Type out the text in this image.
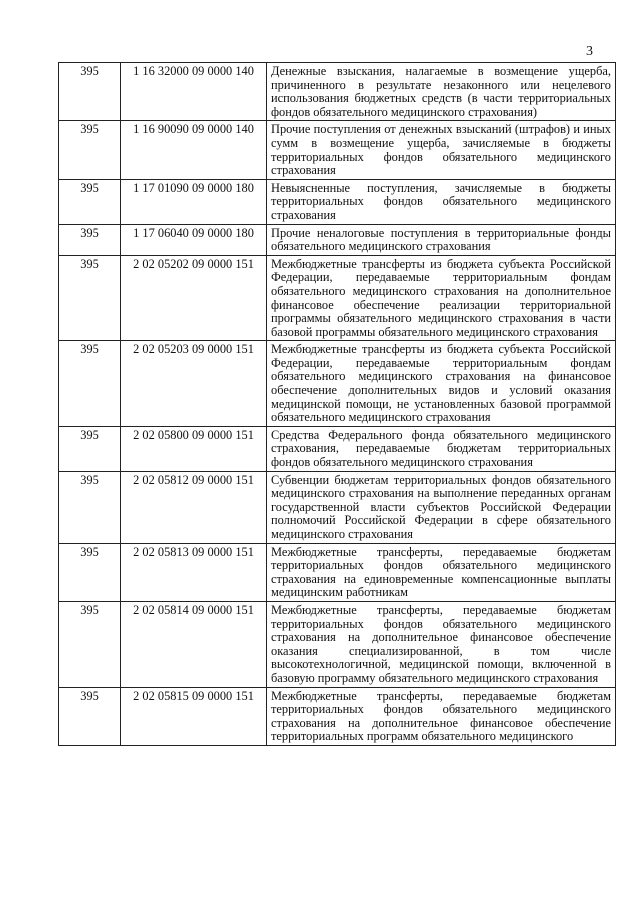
3
395	1 16 32000 09 0000 140	Денежные взыскания, налагаемые в возмещение ущерба, причиненного в результате незаконного или нецелевого использования бюджетных средств (в части территориальных фондов обязательного медицинского страхования)
395	1 16 90090 09 0000 140	Прочие поступления от денежных взысканий (штрафов) и иных сумм в возмещение ущерба, зачисляемые в бюджеты территориальных фондов обязательного медицинского страхования
395	1 17 01090 09 0000 180	Невыясненные поступления, зачисляемые в бюджеты территориальных фондов обязательного медицинского страхования
395	1 17 06040 09 0000 180	Прочие неналоговые поступления в территориальные фонды обязательного медицинского страхования
395	2 02 05202 09 0000 151	Межбюджетные трансферты из бюджета субъекта Российской Федерации, передаваемые территориальным фондам обязательного медицинского страхования на дополнительное финансовое обеспечение реализации территориальной программы обязательного медицинского страхования в части базовой программы обязательного медицинского страхования
395	2 02 05203 09 0000 151	Межбюджетные трансферты из бюджета субъекта Российской Федерации, передаваемые территориальным фондам обязательного медицинского страхования на финансовое обеспечение дополнительных видов и условий оказания медицинской помощи, не установленных базовой программой обязательного медицинского страхования
395	2 02 05800 09 0000 151	Средства Федерального фонда обязательного медицинского страхования, передаваемые бюджетам территориальных фондов обязательного медицинского страхования
395	2 02 05812 09 0000 151	Субвенции бюджетам территориальных фондов обязательного медицинского страхования на выполнение переданных органам государственной власти субъектов Российской Федерации полномочий Российской Федерации в сфере обязательного медицинского страхования
395	2 02 05813 09 0000 151	Межбюджетные трансферты, передаваемые бюджетам территориальных фондов обязательного медицинского страхования на единовременные компенсационные выплаты медицинским работникам
395	2 02 05814 09 0000 151	Межбюджетные трансферты, передаваемые бюджетам территориальных фондов обязательного медицинского страхования на дополнительное финансовое обеспечение оказания специализированной, в том числе высокотехнологичной, медицинской помощи, включенной в базовую программу обязательного медицинского страхования
395	2 02 05815 09 0000 151	Межбюджетные трансферты, передаваемые бюджетам территориальных фондов обязательного медицинского страхования на дополнительное финансовое обеспечение территориальных программ обязательного медицинского
